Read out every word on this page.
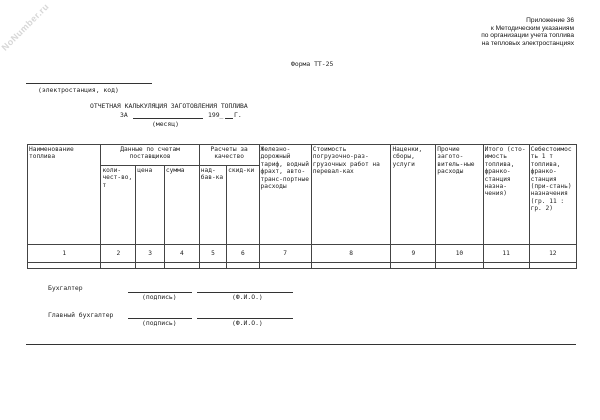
NoNumber.ru	Приложение 36
к Методическим указаниям
по организации учета топлива
на тепловых электростанциях
Форма ТТ-25
(электростанция, код)
ОТЧЕТНАЯ КАЛЬКУЛЯЦИЯ ЗАГОТОВЛЕНИЯ ТОПЛИВА
ЗА	199_ Г.
(месяц)
Наименование топлива	Данные по счетам поставщиков			Расчеты за качество		Железно-дорожный тариф, водный фрахт, авто-транс-портные расходы	Стоимость погрузочно-раз-грузочных работ на перевал-ках	Наценки, сборы, услуги	Прочие загото-витель-ные расходы	Итого (сто-имость топлива, франко-станция назна-чения)	Себестоимость 1 т топлива, франко-станция (при-стань) назначения (гр. 11 : гр. 2)
	коли-чест-во, т	цена	сумма	над-бав-ка	скид-ки						
1	2	3	4	5	6	7	8	9	10	11	12

Бухгалтер
(подпись)	(Ф.И.О.)
Главный бухгалтер
(подпись)	(Ф.И.О.)
